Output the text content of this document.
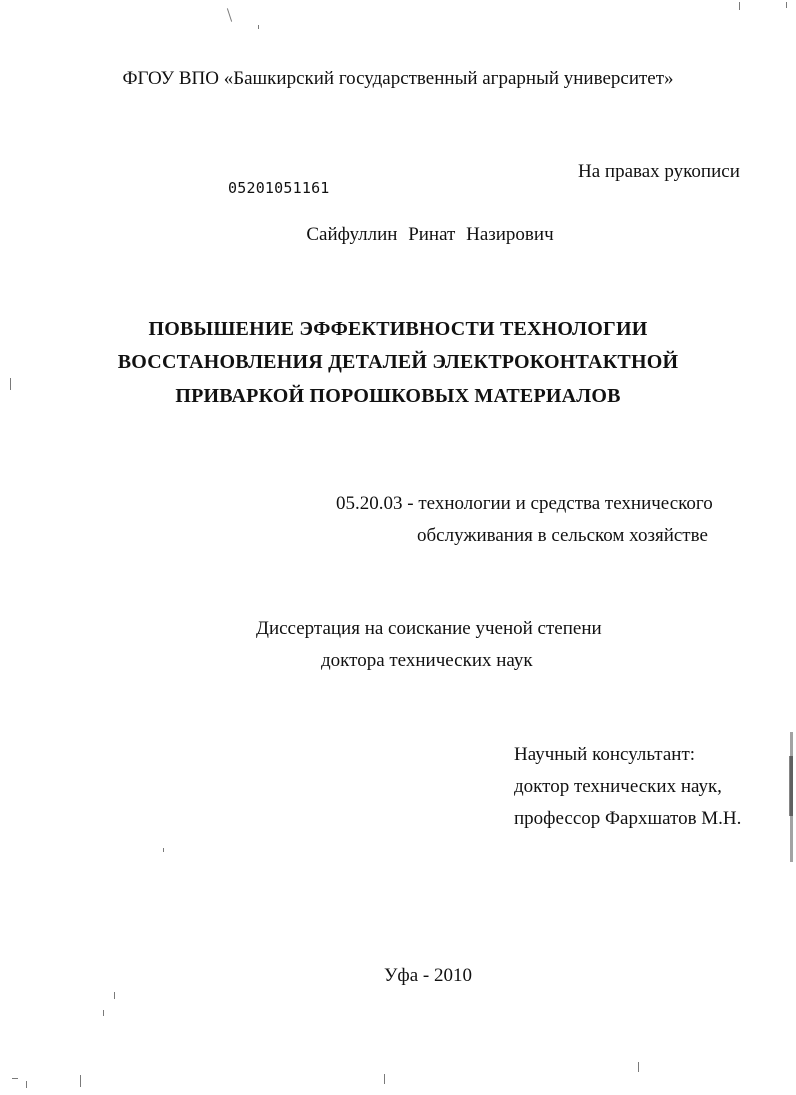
ФГОУ ВПО «Башкирский государственный аграрный университет»
На правах рукописи
05201051161
Сайфуллин Ринат Назирович
ПОВЫШЕНИЕ ЭФФЕКТИВНОСТИ ТЕХНОЛОГИИ
ВОССТАНОВЛЕНИЯ ДЕТАЛЕЙ ЭЛЕКТРОКОНТАКТНОЙ
ПРИВАРКОЙ ПОРОШКОВЫХ МАТЕРИАЛОВ
05.20.03 - технологии и средства технического
обслуживания в сельском хозяйстве
Диссертация на соискание ученой степени
доктора технических наук
Научный консультант:
доктор технических наук,
профессор Фархшатов М.Н.
Уфа - 2010
